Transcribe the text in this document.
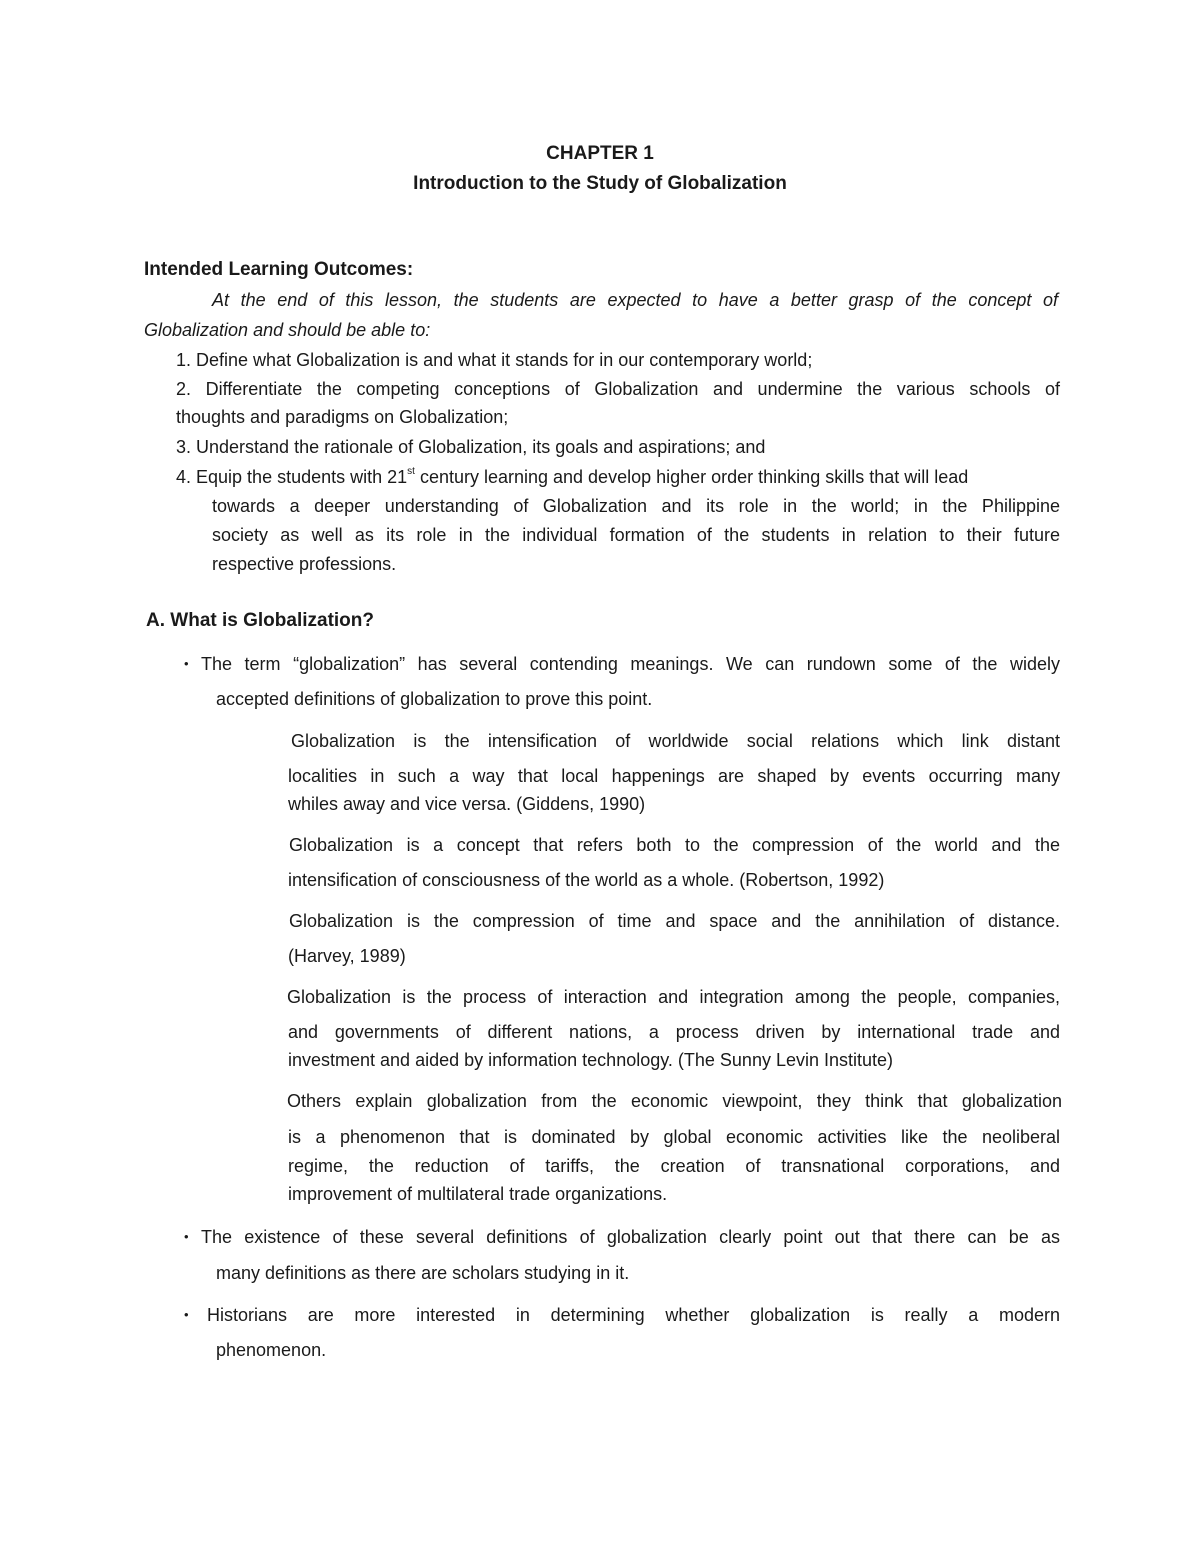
CHAPTER 1
Introduction to the Study of Globalization
Intended Learning Outcomes:
At the end of this lesson, the students are expected to have a better grasp of the concept of
Globalization and should be able to:
1. Define what Globalization is and what it stands for in our contemporary world;
2. Differentiate the competing conceptions of Globalization and undermine the various schools of
thoughts and paradigms on Globalization;
3. Understand the rationale of Globalization, its goals and aspirations; and
4. Equip the students with 21st century learning and develop higher order thinking skills that will lead
towards a deeper understanding of Globalization and its role in the world; in the Philippine
society as well as its role in the individual formation of the students in relation to their future
respective professions.
A. What is Globalization?
• The term “globalization” has several contending meanings. We can rundown some of the widely
accepted definitions of globalization to prove this point.
Globalization is the intensification of worldwide social relations which link distant
localities in such a way that local happenings are shaped by events occurring many
whiles away and vice versa. (Giddens, 1990)
Globalization is a concept that refers both to the compression of the world and the
intensification of consciousness of the world as a whole. (Robertson, 1992)
Globalization is the compression of time and space and the annihilation of distance.
(Harvey, 1989)
Globalization is the process of interaction and integration among the people, companies,
and governments of different nations, a process driven by international trade and
investment and aided by information technology. (The Sunny Levin Institute)
Others explain globalization from the economic viewpoint, they think that globalization
is a phenomenon that is dominated by global economic activities like the neoliberal
regime, the reduction of tariffs, the creation of transnational corporations, and
improvement of multilateral trade organizations.
• The existence of these several definitions of globalization clearly point out that there can be as
many definitions as there are scholars studying in it.
• Historians are more interested in determining whether globalization is really a modern
phenomenon.
